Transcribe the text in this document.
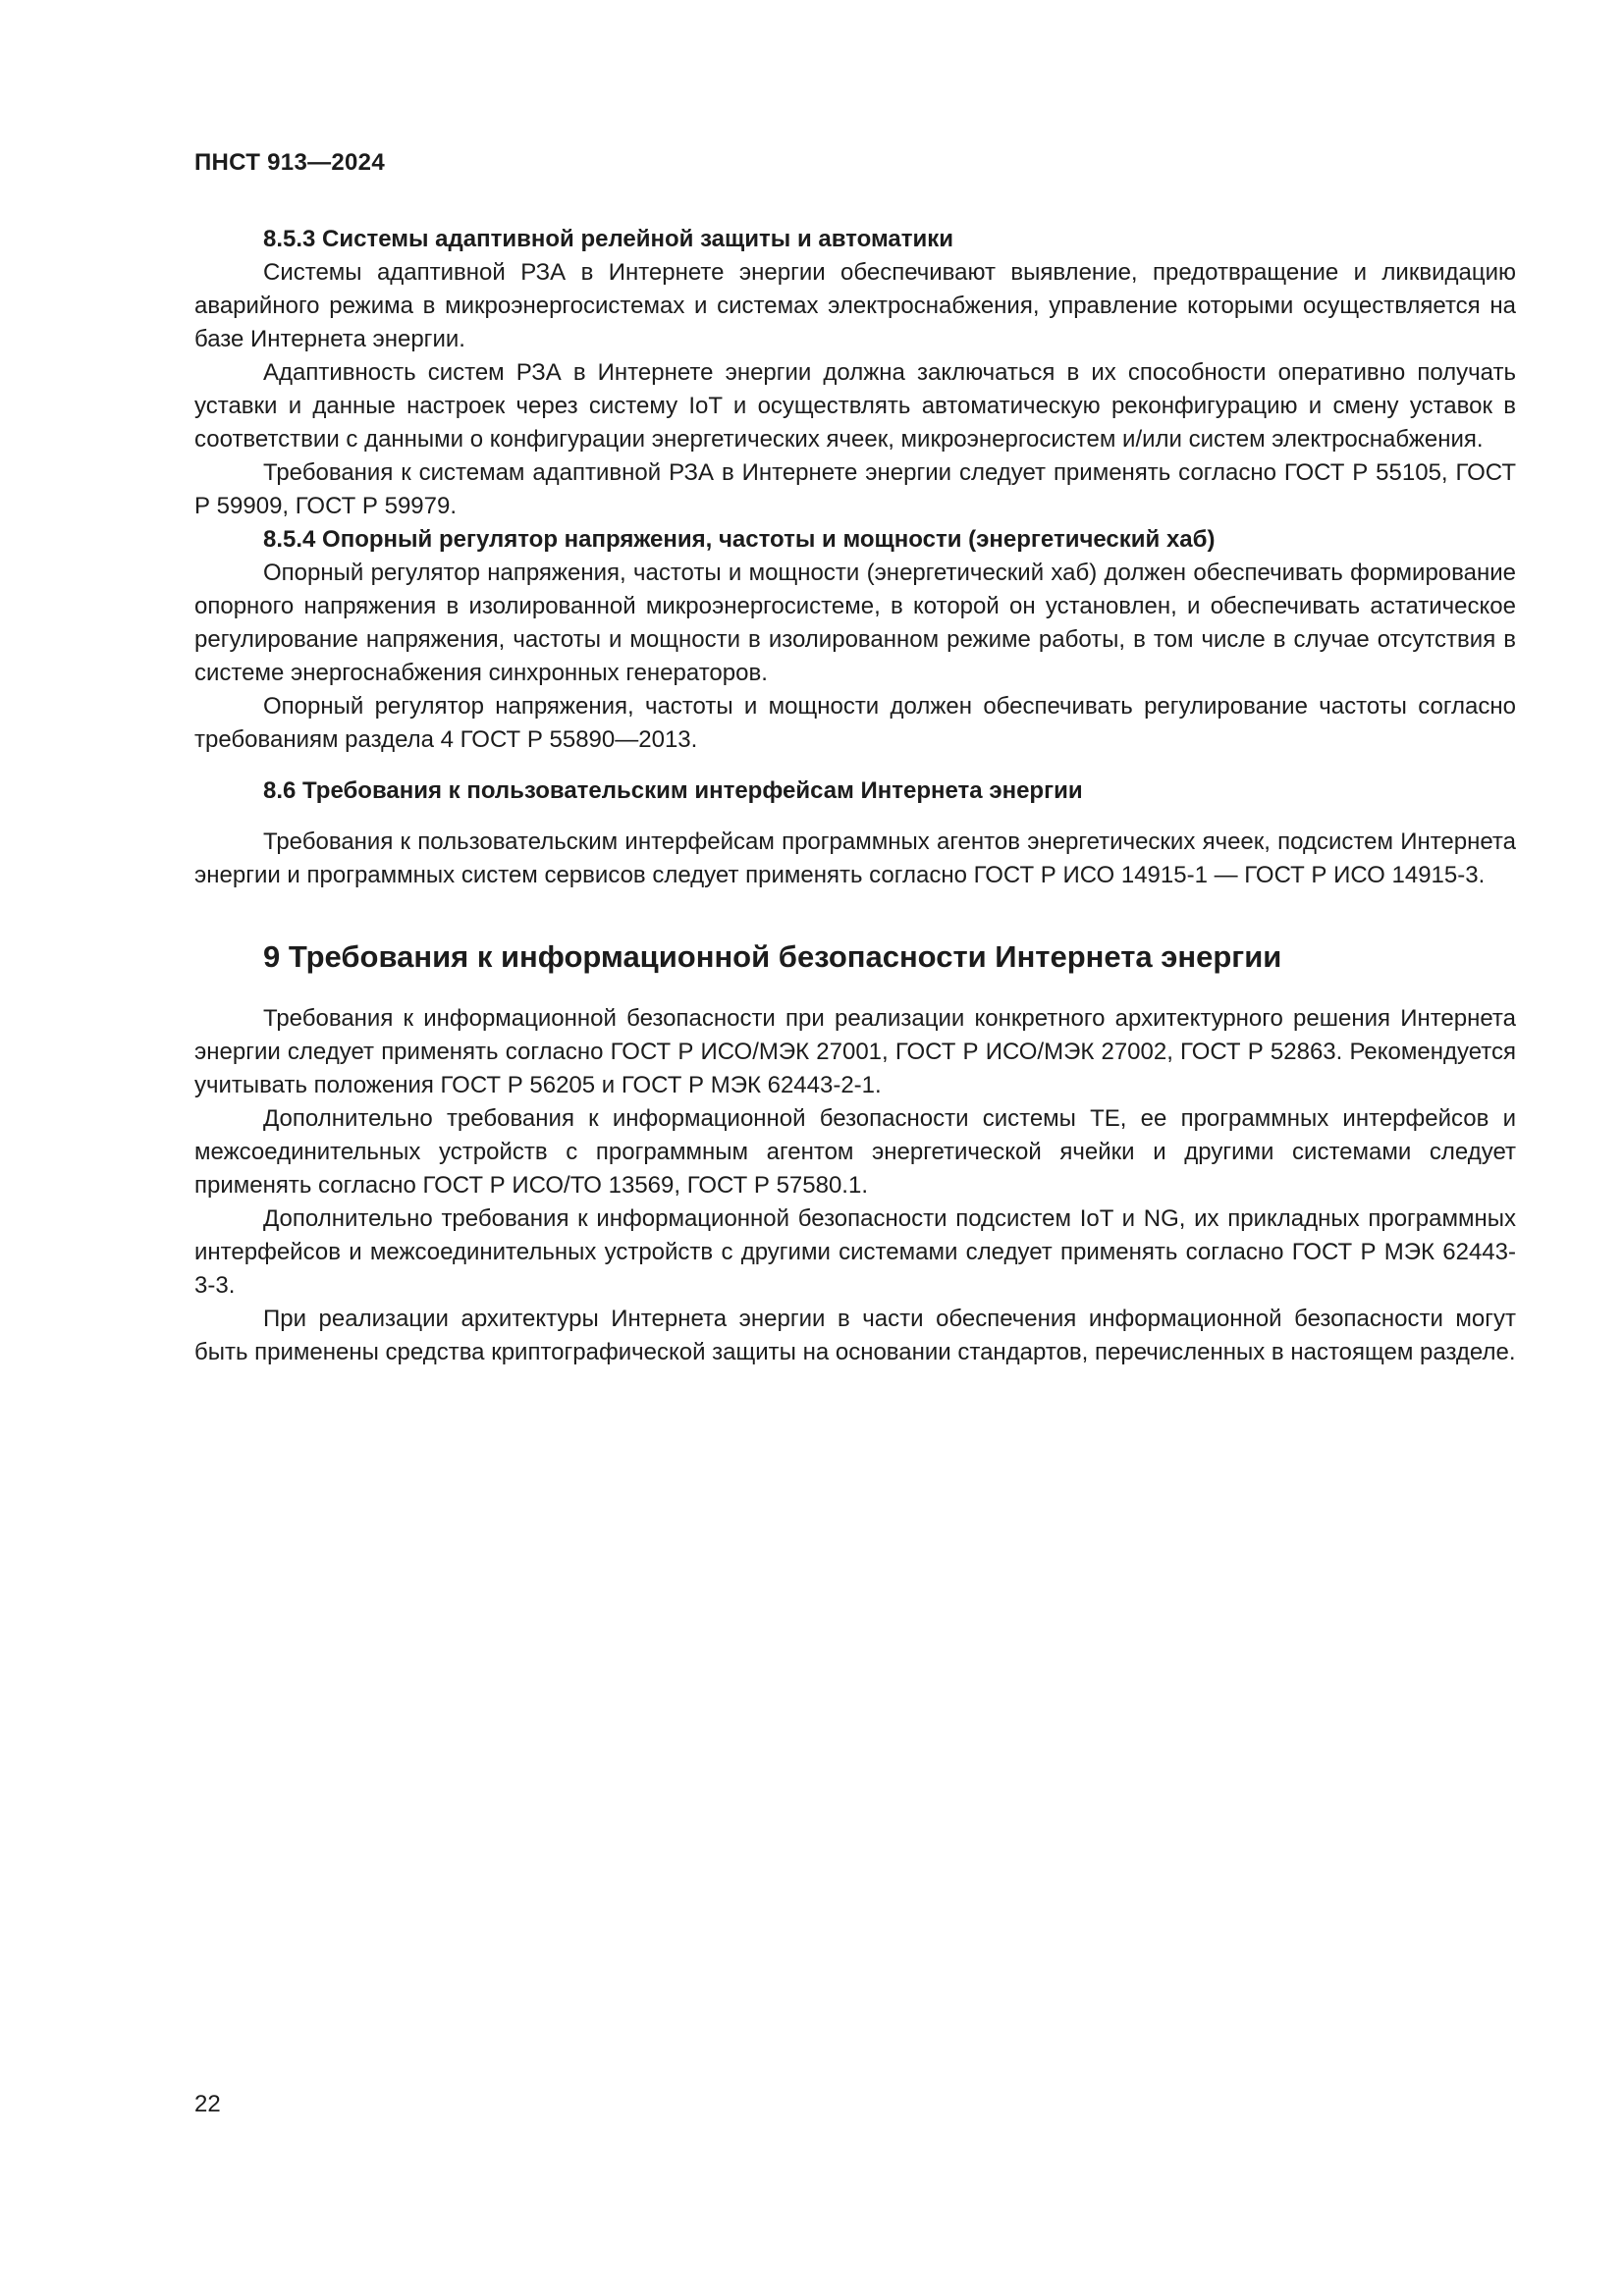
ПНСТ 913—2024

8.5.3 Системы адаптивной релейной защиты и автоматики

Системы адаптивной РЗА в Интернете энергии обеспечивают выявление, предотвращение и ликвидацию аварийного режима в микроэнергосистемах и системах электроснабжения, управление которыми осуществляется на базе Интернета энергии.

Адаптивность систем РЗА в Интернете энергии должна заключаться в их способности оперативно получать уставки и данные настроек через систему IoT и осуществлять автоматическую реконфигурацию и смену уставок в соответствии с данными о конфигурации энергетических ячеек, микроэнергосистем и/или систем электроснабжения.

Требования к системам адаптивной РЗА в Интернете энергии следует применять согласно ГОСТ Р 55105, ГОСТ Р 59909, ГОСТ Р 59979.

8.5.4 Опорный регулятор напряжения, частоты и мощности (энергетический хаб)

Опорный регулятор напряжения, частоты и мощности (энергетический хаб) должен обеспечивать формирование опорного напряжения в изолированной микроэнергосистеме, в которой он установлен, и обеспечивать астатическое регулирование напряжения, частоты и мощности в изолированном режиме работы, в том числе в случае отсутствия в системе энергоснабжения синхронных генераторов.

Опорный регулятор напряжения, частоты и мощности должен обеспечивать регулирование частоты согласно требованиям раздела 4 ГОСТ Р 55890—2013.

8.6 Требования к пользовательским интерфейсам Интернета энергии

Требования к пользовательским интерфейсам программных агентов энергетических ячеек, подсистем Интернета энергии и программных систем сервисов следует применять согласно ГОСТ Р ИСО 14915-1 — ГОСТ Р ИСО 14915-3.

9 Требования к информационной безопасности Интернета энергии

Требования к информационной безопасности при реализации конкретного архитектурного решения Интернета энергии следует применять согласно ГОСТ Р ИСО/МЭК 27001, ГОСТ Р ИСО/МЭК 27002, ГОСТ Р 52863. Рекомендуется учитывать положения ГОСТ Р 56205 и ГОСТ Р МЭК 62443-2-1.

Дополнительно требования к информационной безопасности системы ТЕ, ее программных интерфейсов и межсоединительных устройств с программным агентом энергетической ячейки и другими системами следует применять согласно ГОСТ Р ИСО/ТО 13569, ГОСТ Р 57580.1.

Дополнительно требования к информационной безопасности подсистем IoT и NG, их прикладных программных интерфейсов и межсоединительных устройств с другими системами следует применять согласно ГОСТ Р МЭК 62443-3-3.

При реализации архитектуры Интернета энергии в части обеспечения информационной безопасности могут быть применены средства криптографической защиты на основании стандартов, перечисленных в настоящем разделе.

22
